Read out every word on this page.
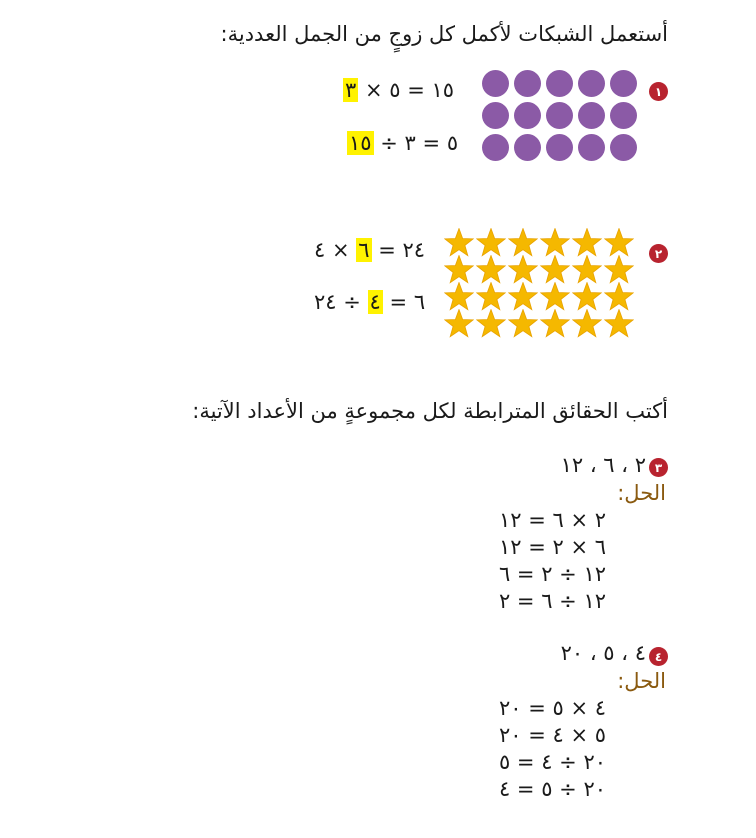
أستعمل الشبكات لأكمل كل زوجٍ من الجمل العددية:
١
١٥ = ٥ × ٣
٥ = ٣ ÷ ١٥
٢
٢٤ = ٦ × ٤
٦ = ٤ ÷ ٢٤
أكتب الحقائق المترابطة لكل مجموعةٍ من الأعداد الآتية:
٣
٢ ، ٦ ، ١٢
الحل:
٢ × ٦ = ١٢
٦ × ٢ = ١٢
١٢ ÷ ٢ = ٦
١٢ ÷ ٦ = ٢
٤
٤ ، ٥ ، ٢٠
الحل:
٤ × ٥ = ٢٠
٥ × ٤ = ٢٠
٢٠ ÷ ٤ = ٥
٢٠ ÷ ٥ = ٤
